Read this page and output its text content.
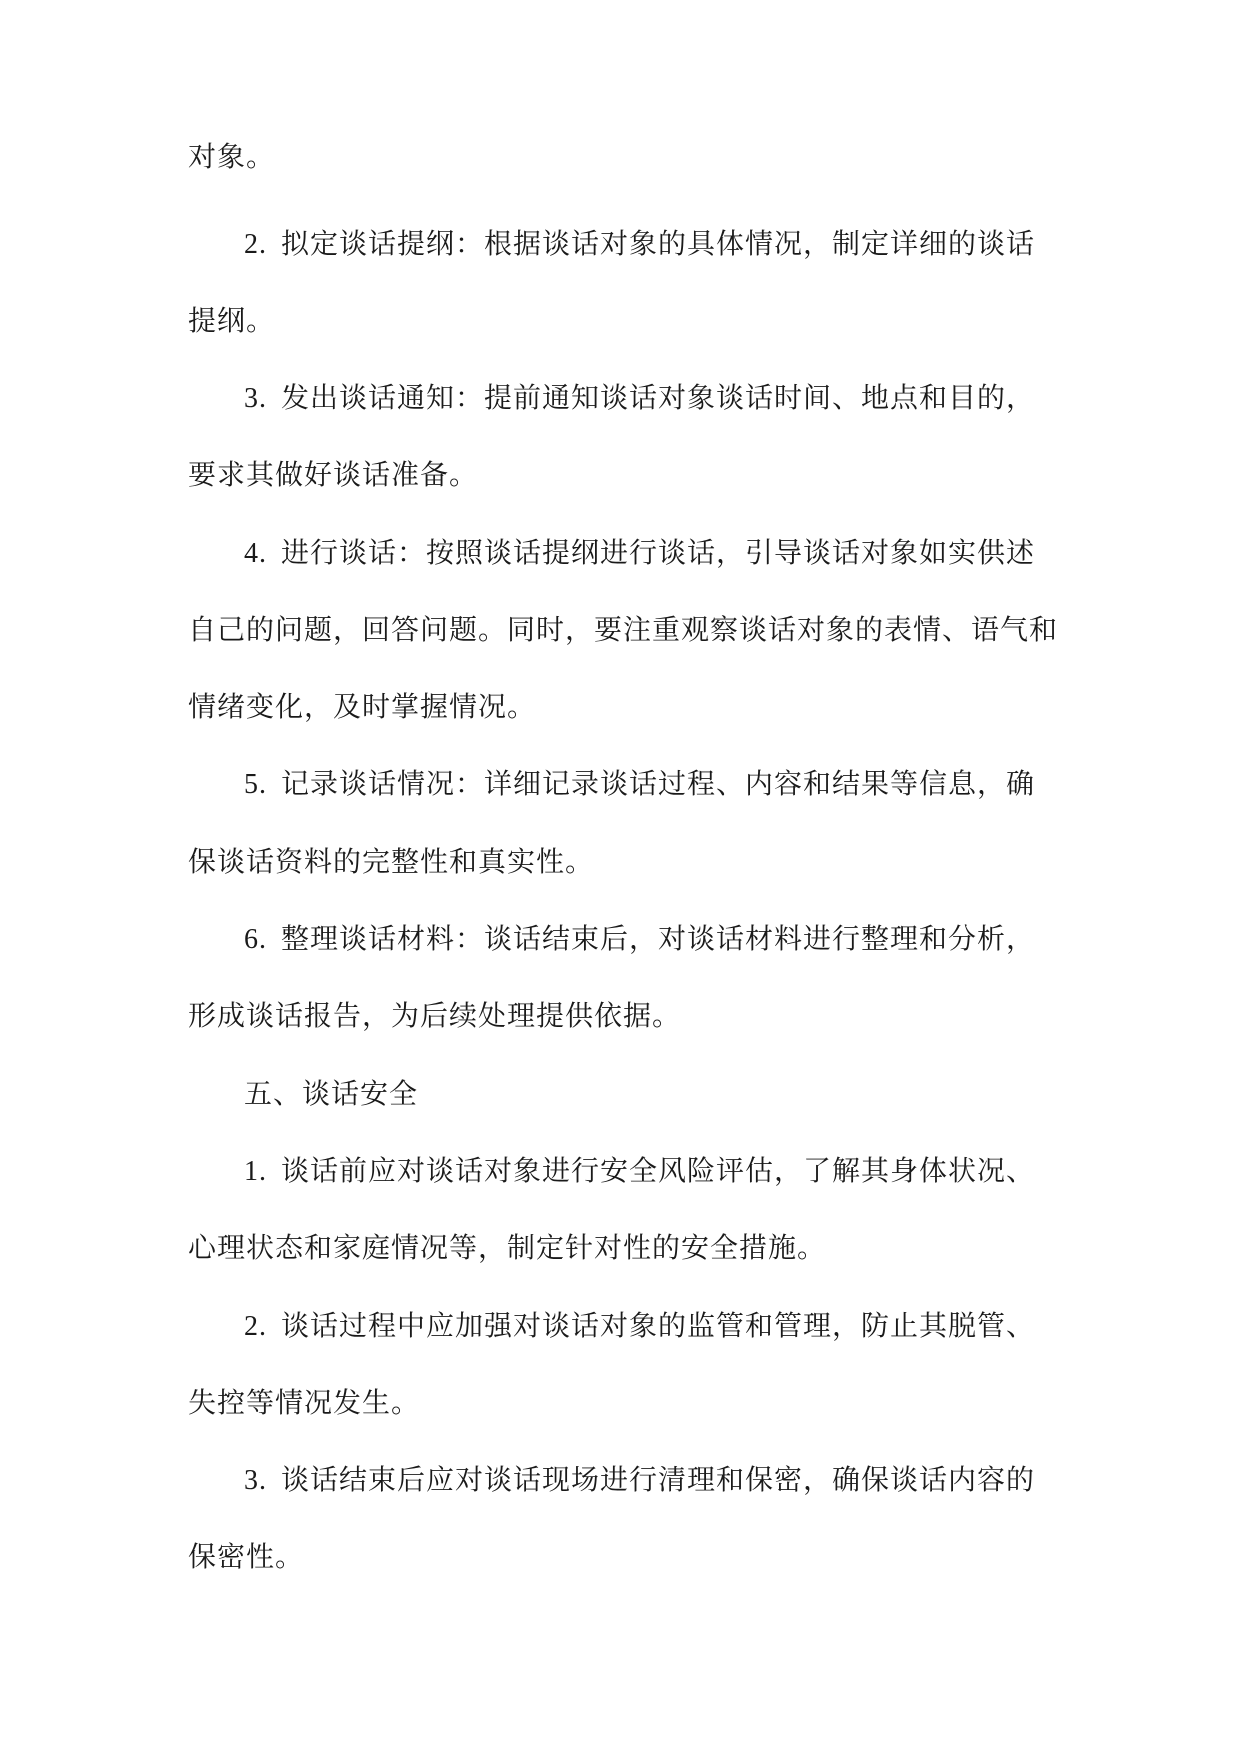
对象。

2. 拟定谈话提纲：根据谈话对象的具体情况，制定详细的谈话

提纲。

3. 发出谈话通知：提前通知谈话对象谈话时间、地点和目的，

要求其做好谈话准备。

4. 进行谈话：按照谈话提纲进行谈话，引导谈话对象如实供述

自己的问题，回答问题。同时，要注重观察谈话对象的表情、语气和

情绪变化，及时掌握情况。

5. 记录谈话情况：详细记录谈话过程、内容和结果等信息，确

保谈话资料的完整性和真实性。

6. 整理谈话材料：谈话结束后，对谈话材料进行整理和分析，

形成谈话报告，为后续处理提供依据。

五、谈话安全

1. 谈话前应对谈话对象进行安全风险评估，了解其身体状况、

心理状态和家庭情况等，制定针对性的安全措施。

2. 谈话过程中应加强对谈话对象的监管和管理，防止其脱管、

失控等情况发生。

3. 谈话结束后应对谈话现场进行清理和保密，确保谈话内容的

保密性。
